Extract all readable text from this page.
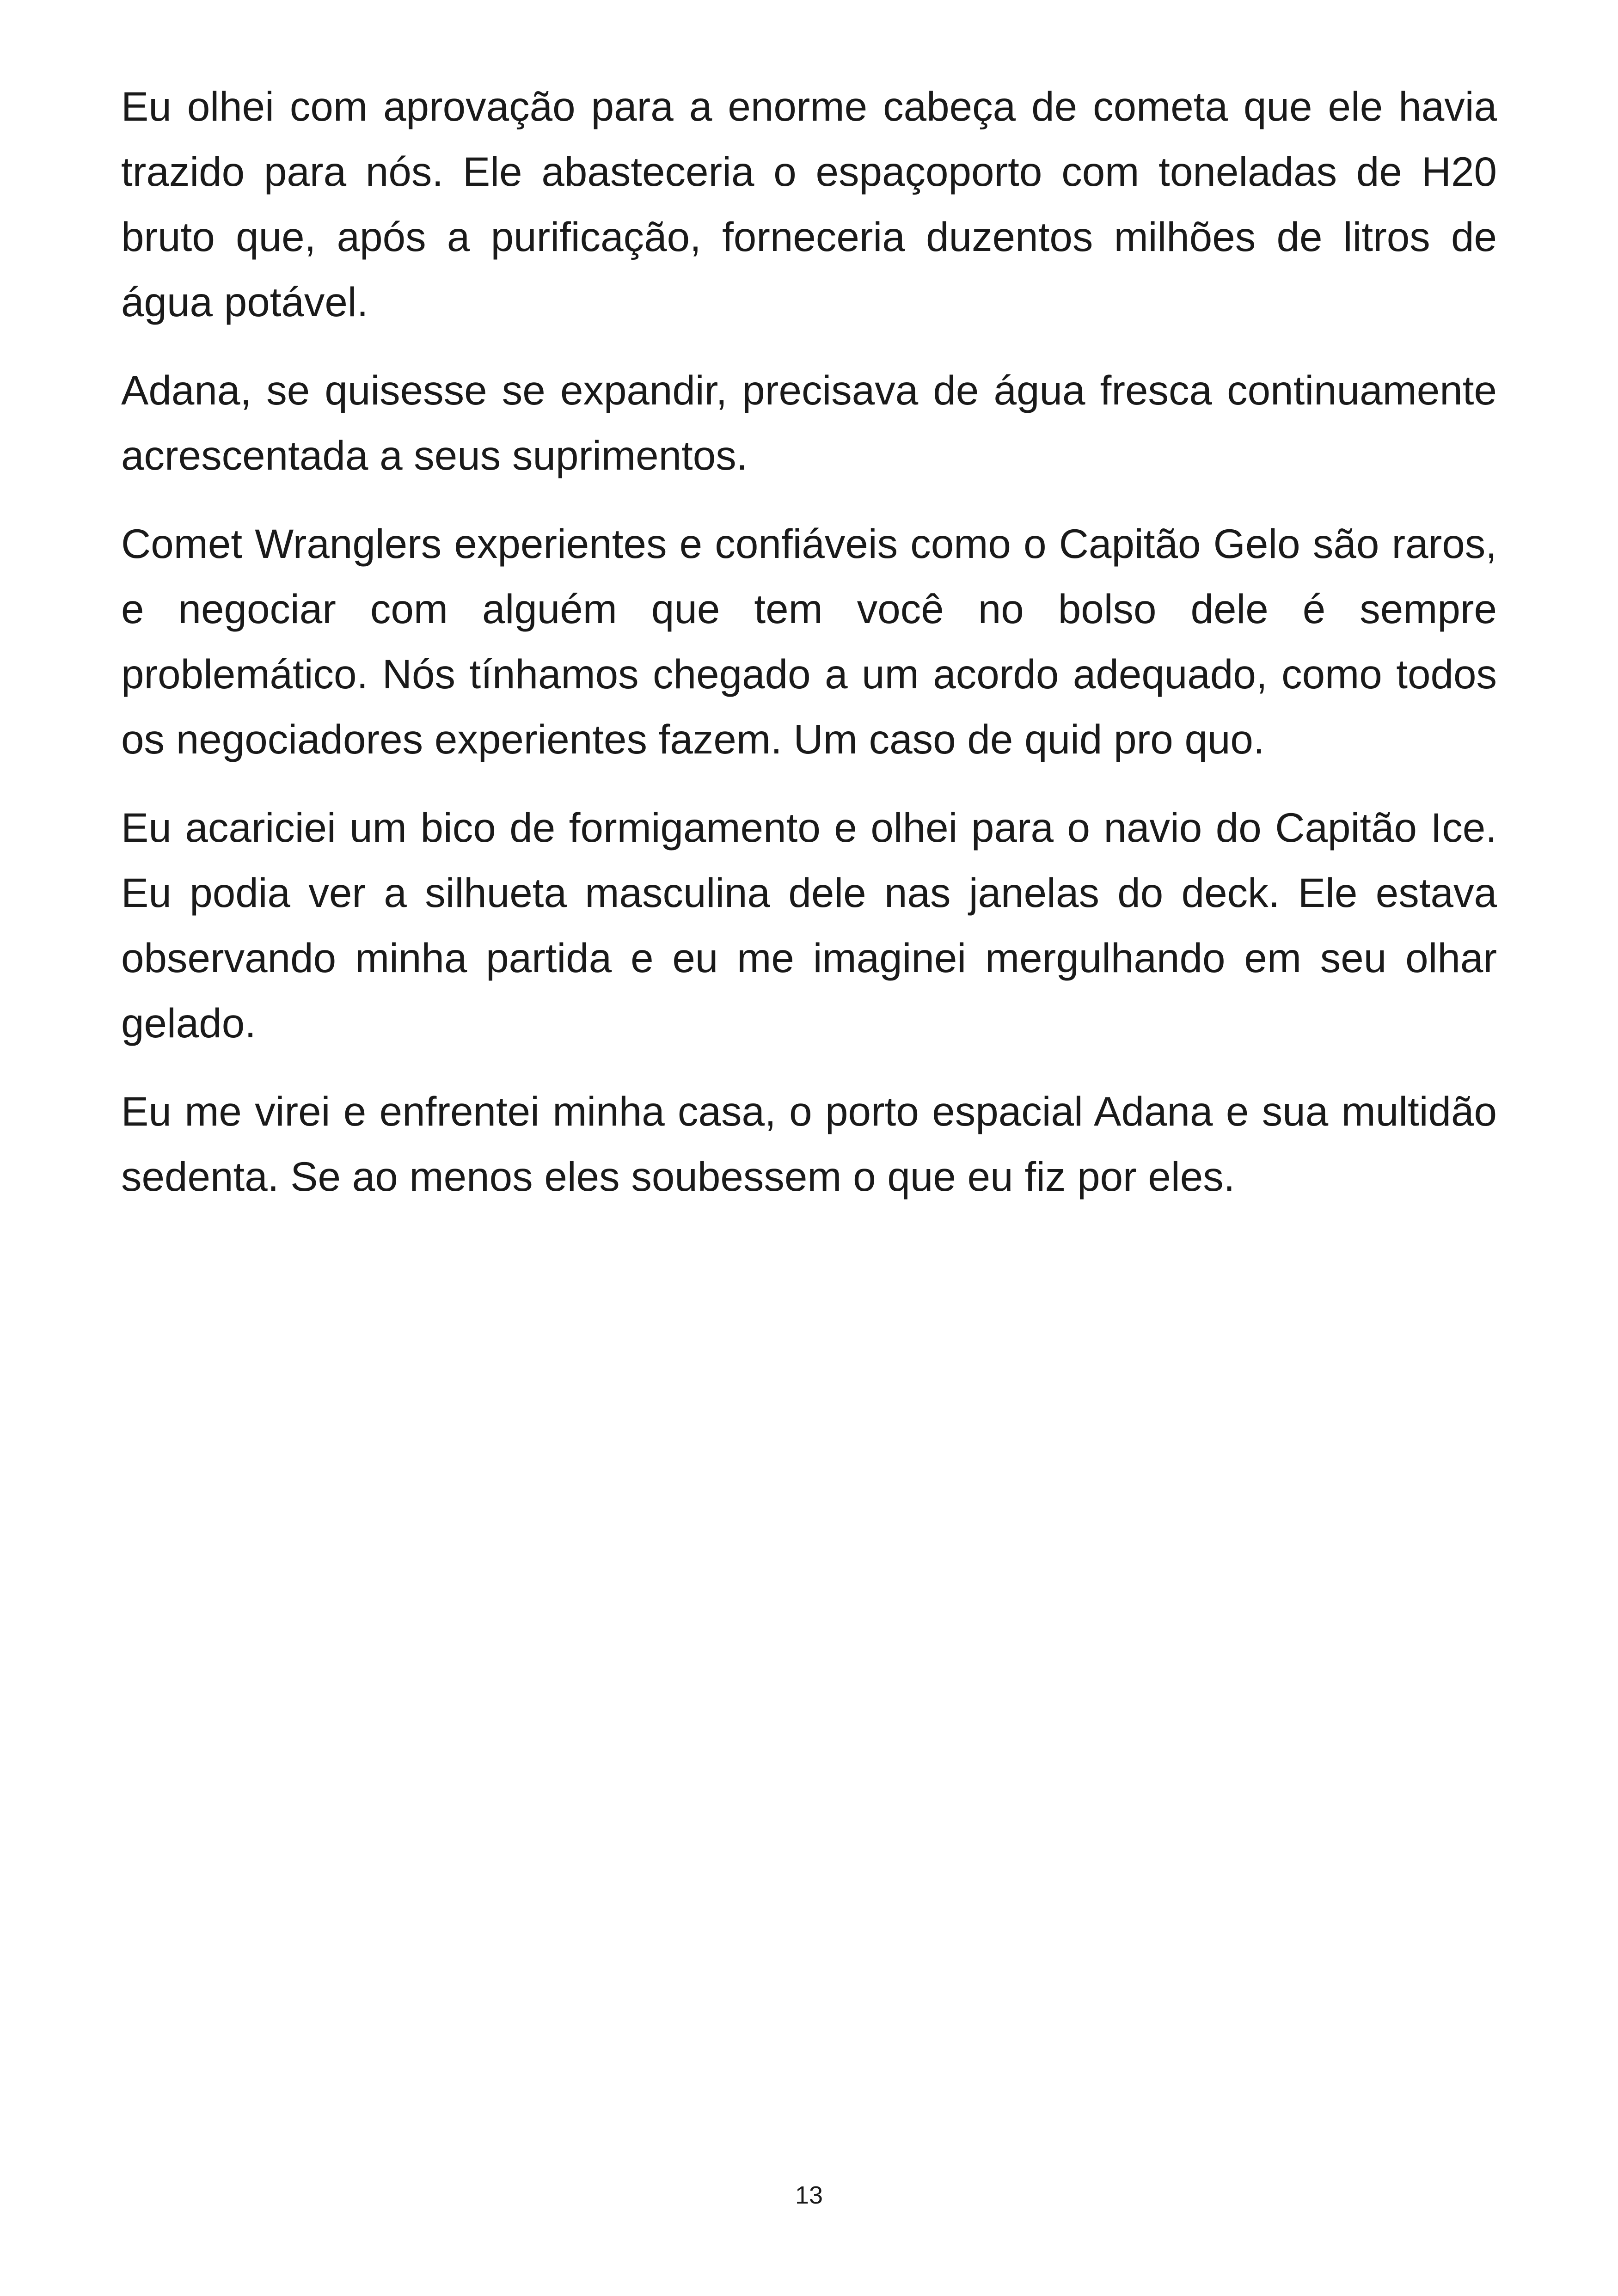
Eu olhei com aprovação para a enorme cabeça de cometa que ele havia trazido para nós. Ele abasteceria o espaçoporto com toneladas de H20 bruto que, após a purificação, forneceria duzentos milhões de litros de água potável.

Adana, se quisesse se expandir, precisava de água fresca continuamente acrescentada a seus suprimentos.

Comet Wranglers experientes e confiáveis como o Capitão Gelo são raros, e negociar com alguém que tem você no bolso dele é sempre problemático. Nós tínhamos chegado a um acordo adequado, como todos os negociadores experientes fazem. Um caso de quid pro quo.

Eu acariciei um bico de formigamento e olhei para o navio do Capitão Ice. Eu podia ver a silhueta masculina dele nas janelas do deck. Ele estava observando minha partida e eu me imaginei mergulhando em seu olhar gelado.

Eu me virei e enfrentei minha casa, o porto espacial Adana e sua multidão sedenta. Se ao menos eles soubessem o que eu fiz por eles.

13
